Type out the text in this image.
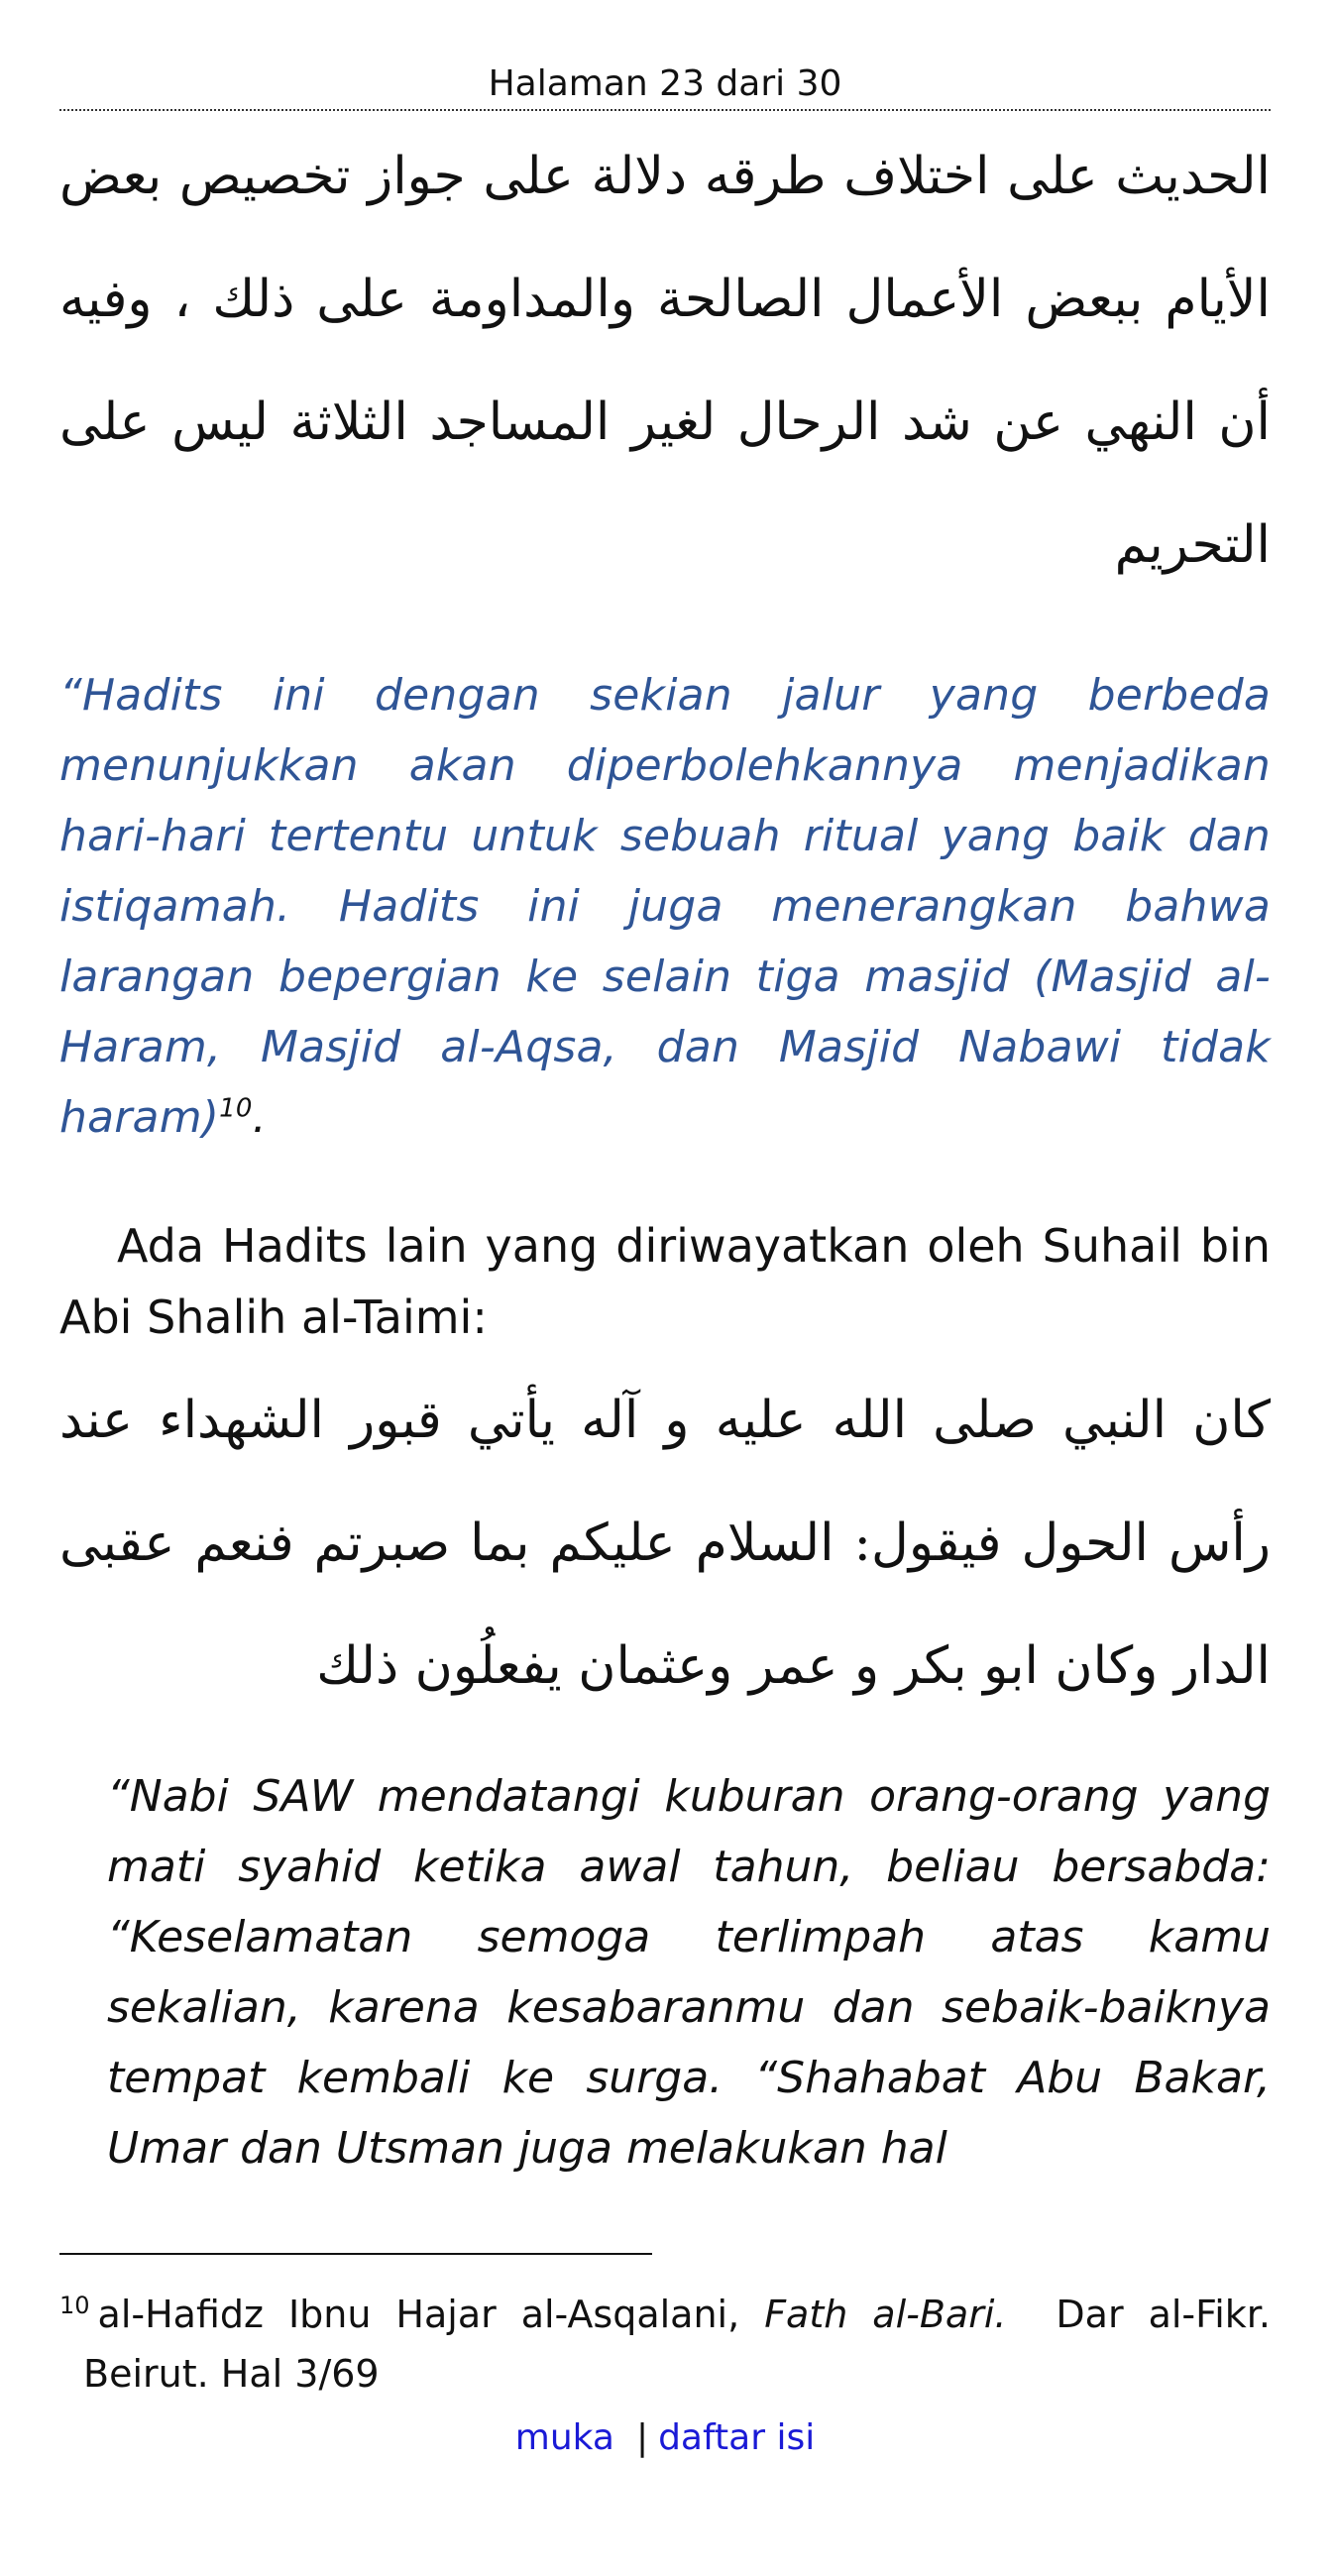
Halaman 23 dari 30

الحديث على اختلاف طرقه دلالة على جواز تخصيص بعض الأيام ببعض الأعمال الصالحة والمداومة على ذلك ، وفيه أن النهي عن شد الرحال لغير المساجد الثلاثة ليس على التحريم

“Hadits ini dengan sekian jalur yang berbeda menunjukkan akan diperbolehkannya menjadikan hari-hari tertentu untuk sebuah ritual yang baik dan istiqamah. Hadits ini juga menerangkan bahwa larangan bepergian ke selain tiga masjid (Masjid al-Haram, Masjid al-Aqsa, dan Masjid Nabawi tidak haram)$^{10}$.
Ada Hadits lain yang diriwayatkan oleh Suhail bin Abi Shalih al-Taimi:

كان النبي صلى الله عليه و آله يأتي قبور الشهداء عند رأس الحول فيقول: السلام عليكم بما صبرتم فنعم عقبى الدار وكان ابو بكر و عمر وعثمان يفعلُون ذلك

“Nabi SAW mendatangi kuburan orang-orang yang mati syahid ketika awal tahun, beliau bersabda: “Keselamatan semoga terlimpah atas kamu sekalian, karena kesabaranmu dan sebaik-baiknya tempat kembali ke surga. “Shahabat Abu Bakar, Umar dan Utsman juga melakukan hal
$^{10}$ al-Hafidz Ibnu Hajar al-Asqalani, Fath al-Bari. Dar al-Fikr. Beirut. Hal 3/69
muka | daftar isi
